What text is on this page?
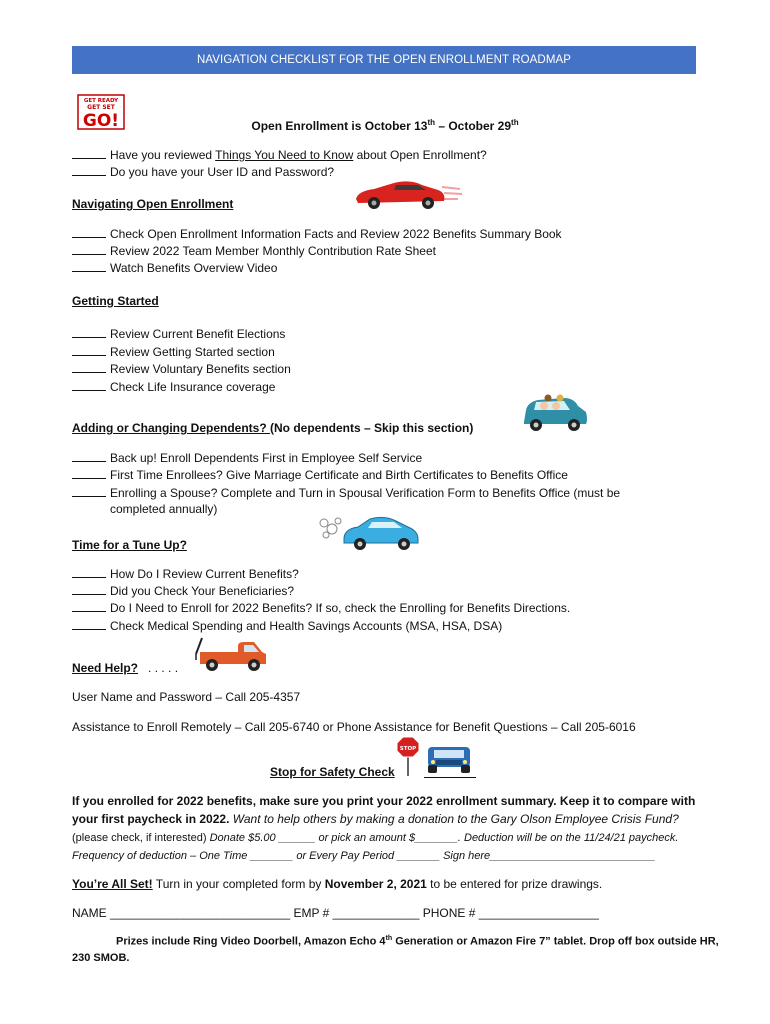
NAVIGATION CHECKLIST FOR THE OPEN ENROLLMENT ROADMAP
GET READY
GET SET
GO!	Open Enrollment is October 13th – October 29th
Have you reviewed Things You Need to Know about Open Enrollment?
Do you have your User ID and Password?
Navigating Open Enrollment
Check Open Enrollment Information Facts and Review 2022 Benefits Summary Book
Review 2022 Team Member Monthly Contribution Rate Sheet
Watch Benefits Overview Video
Getting Started
Review Current Benefit Elections
Review Getting Started section
Review Voluntary Benefits section
Check Life Insurance coverage
Adding or Changing Dependents? (No dependents – Skip this section)
Back up! Enroll Dependents First in Employee Self Service
First Time Enrollees? Give Marriage Certificate and Birth Certificates to Benefits Office
Enrolling a Spouse? Complete and Turn in Spousal Verification Form to Benefits Office (must be
completed annually)
Time for a Tune Up?
How Do I Review Current Benefits?
Did you Check Your Beneficiaries?
Do I Need to Enroll for 2022 Benefits? If so, check the Enrolling for Benefits Directions.
Check Medical Spending and Health Savings Accounts (MSA, HSA, DSA)
Need Help? . . . . .
User Name and Password – Call 205-4357
Assistance to Enroll Remotely – Call 205-6740 or Phone Assistance for Benefit Questions – Call 205-6016
STOP
Stop for Safety Check
If you enrolled for 2022 benefits, make sure you print your 2022 enrollment summary. Keep it to compare with
your first paycheck in 2022. Want to help others by making a donation to the Gary Olson Employee Crisis Fund?
(please check, if interested) Donate $5.00 ______ or pick an amount $_______. Deduction will be on the 11/24/21 paycheck.
Frequency of deduction – One Time _______ or Every Pay Period _______ Sign here___________________________
You’re All Set! Turn in your completed form by November 2, 2021 to be entered for prize drawings.
NAME ___________________________ EMP # _____________ PHONE # __________________
Prizes include Ring Video Doorbell, Amazon Echo 4th Generation or Amazon Fire 7” tablet. Drop off box outside HR,
230 SMOB.
